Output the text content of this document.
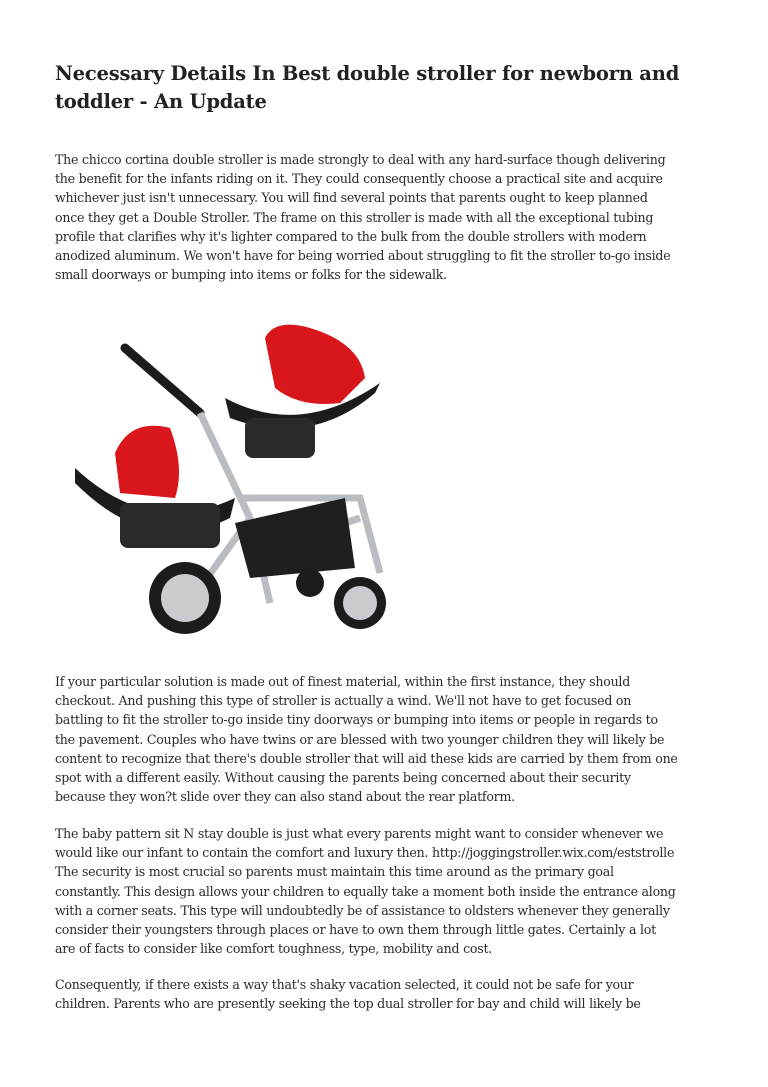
Necessary Details In Best double stroller for newborn and
toddler - An Update
The chicco cortina double stroller is made strongly to deal with any hard-surface though delivering
the benefit for the infants riding on it. They could consequently choose a practical site and acquire
whichever just isn't unnecessary. You will find several points that parents ought to keep planned
once they get a Double Stroller. The frame on this stroller is made with all the exceptional tubing
profile that clarifies why it's lighter compared to the bulk from the double strollers with modern
anodized aluminum. We won't have for being worried about struggling to fit the stroller to-go inside
small doorways or bumping into items or folks for the sidewalk.
If your particular solution is made out of finest material, within the first instance, they should
checkout. And pushing this type of stroller is actually a wind. We'll not have to get focused on
battling to fit the stroller to-go inside tiny doorways or bumping into items or people in regards to
the pavement. Couples who have twins or are blessed with two younger children they will likely be
content to recognize that there's double stroller that will aid these kids are carried by them from one
spot with a different easily. Without causing the parents being concerned about their security
because they won?t slide over they can also stand about the rear platform.
The baby pattern sit N stay double is just what every parents might want to consider whenever we
would like our infant to contain the comfort and luxury then. http://joggingstroller.wix.com/eststrolle
The security is most crucial so parents must maintain this time around as the primary goal
constantly. This design allows your children to equally take a moment both inside the entrance along
with a corner seats. This type will undoubtedly be of assistance to oldsters whenever they generally
consider their youngsters through places or have to own them through little gates. Certainly a lot
are of facts to consider like comfort toughness, type, mobility and cost.
Consequently, if there exists a way that's shaky vacation selected, it could not be safe for your
children. Parents who are presently seeking the top dual stroller for bay and child will likely be
